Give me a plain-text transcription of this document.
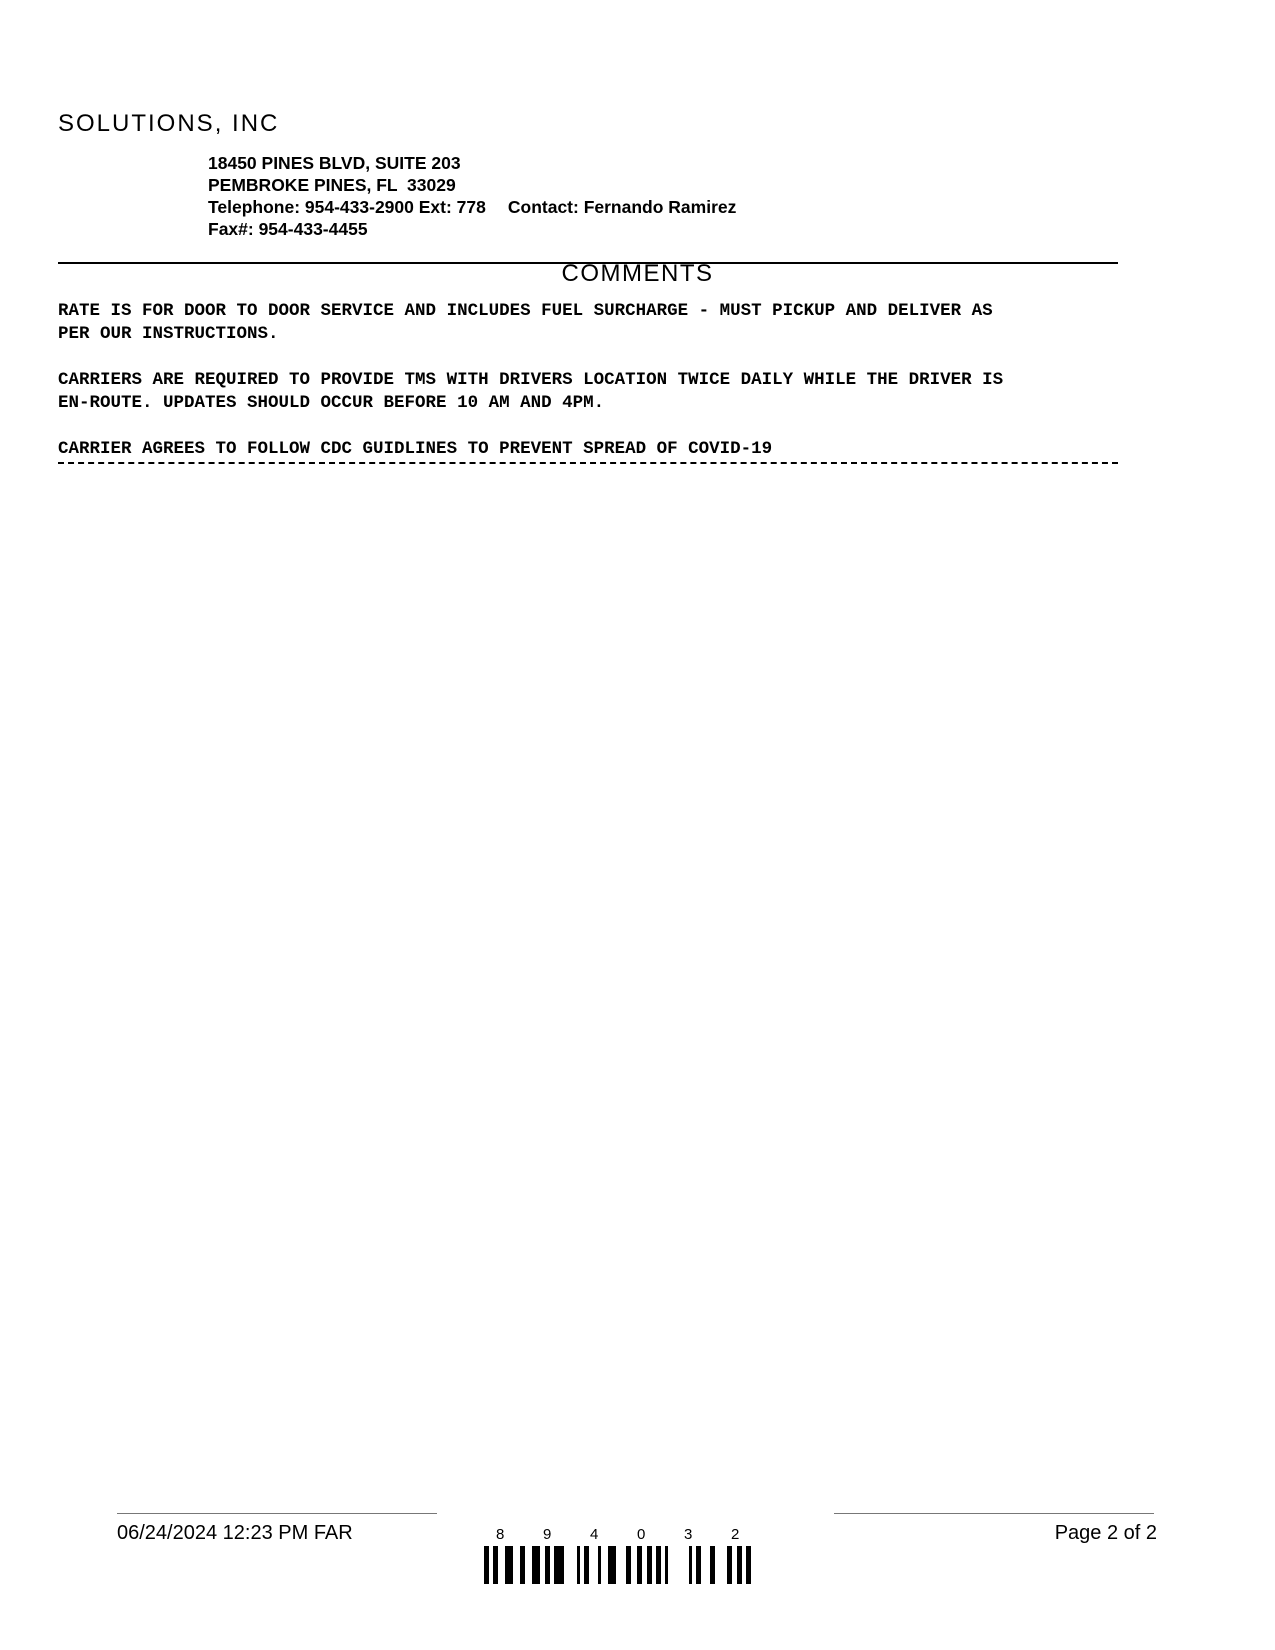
SOLUTIONS, INC
18450 PINES BLVD, SUITE 203
PEMBROKE PINES, FL  33029
Telephone: 954-433-2900 Ext: 778 Contact: Fernando Ramirez
Fax#: 954-433-4455
COMMENTS

RATE IS FOR DOOR TO DOOR SERVICE AND INCLUDES FUEL SURCHARGE - MUST PICKUP AND DELIVER AS
PER OUR INSTRUCTIONS.

CARRIERS ARE REQUIRED TO PROVIDE TMS WITH DRIVERS LOCATION TWICE DAILY WHILE THE DRIVER IS
EN-ROUTE. UPDATES SHOULD OCCUR BEFORE 10 AM AND 4PM.

CARRIER AGREES TO FOLLOW CDC GUIDLINES TO PREVENT SPREAD OF COVID-19

06/24/2024 12:23 PM FAR	Page 2 of 2
8	9	4	0	3	2
